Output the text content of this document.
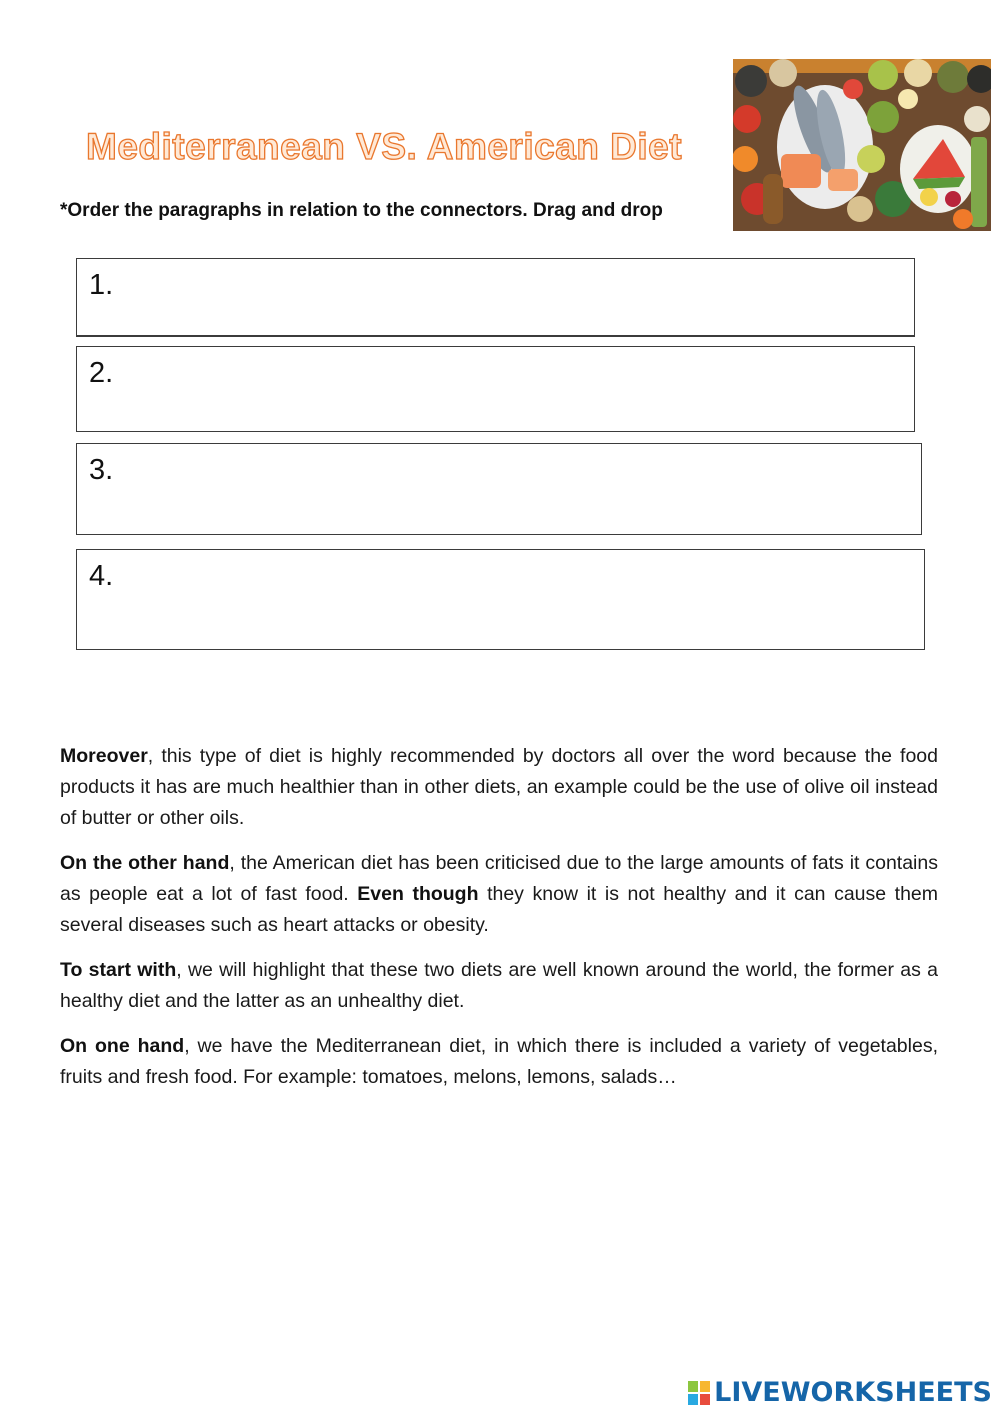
Mediterranean VS. American Diet
*Order the paragraphs in relation to the connectors. Drag and drop
1.
2.
3.
4.

Moreover, this type of diet is highly recommended by doctors all over the word because the food products it has are much healthier than in other diets, an example could be the use of olive oil instead of butter or other oils.

On the other hand, the American diet has been criticised due to the large amounts of fats it contains as people eat a lot of fast food. Even though they know it is not healthy and it can cause them several diseases such as heart attacks or obesity.

To start with, we will highlight that these two diets are well known around the world, the former as a healthy diet and the latter as an unhealthy diet.

On one hand, we have the Mediterranean diet, in which there is included a variety of vegetables, fruits and fresh food. For example: tomatoes, melons, lemons, salads…

LIVEWORKSHEETS
